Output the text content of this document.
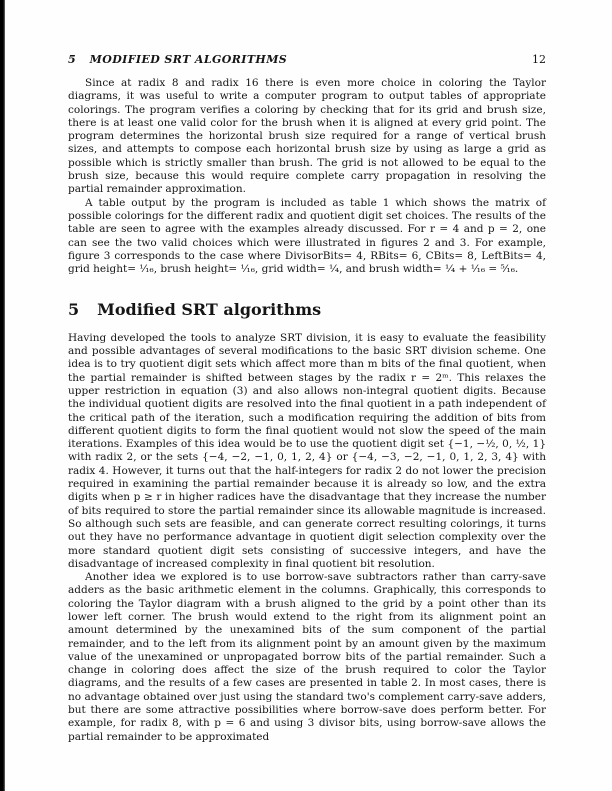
5 MODIFIED SRT ALGORITHMS	12

Since at radix 8 and radix 16 there is even more choice in coloring the Taylor diagrams, it was useful to write a computer program to output tables of appropriate colorings. The program verifies a coloring by checking that for its grid and brush size, there is at least one valid color for the brush when it is aligned at every grid point. The program determines the horizontal brush size required for a range of vertical brush sizes, and attempts to compose each horizontal brush size by using as large a grid as possible which is strictly smaller than brush. The grid is not allowed to be equal to the brush size, because this would require complete carry propagation in resolving the partial remainder approximation.

A table output by the program is included as table 1 which shows the matrix of possible colorings for the different radix and quotient digit set choices. The results of the table are seen to agree with the examples already discussed. For r = 4 and p = 2, one can see the two valid choices which were illustrated in figures 2 and 3. For example, figure 3 corresponds to the case where DivisorBits= 4, RBits= 6, CBits= 8, LeftBits= 4, grid height= ¹⁄₁₆, brush height= ¹⁄₁₆, grid width= ¹⁄₄, and brush width= ¹⁄₄ + ¹⁄₁₆ = ⁵⁄₁₆.

5 Modified SRT algorithms

Having developed the tools to analyze SRT division, it is easy to evaluate the feasibility and possible advantages of several modifications to the basic SRT division scheme. One idea is to try quotient digit sets which affect more than m bits of the final quotient, when the partial remainder is shifted between stages by the radix r = 2ᵐ. This relaxes the upper restriction in equation (3) and also allows non-integral quotient digits. Because the individual quotient digits are resolved into the final quotient in a path independent of the critical path of the iteration, such a modification requiring the addition of bits from different quotient digits to form the final quotient would not slow the speed of the main iterations. Examples of this idea would be to use the quotient digit set {−1, −½, 0, ½, 1} with radix 2, or the sets {−4, −2, −1, 0, 1, 2, 4} or {−4, −3, −2, −1, 0, 1, 2, 3, 4} with radix 4. However, it turns out that the half-integers for radix 2 do not lower the precision required in examining the partial remainder because it is already so low, and the extra digits when p ≥ r in higher radices have the disadvantage that they increase the number of bits required to store the partial remainder since its allowable magnitude is increased. So although such sets are feasible, and can generate correct resulting colorings, it turns out they have no performance advantage in quotient digit selection complexity over the more standard quotient digit sets consisting of successive integers, and have the disadvantage of increased complexity in final quotient bit resolution.

Another idea we explored is to use borrow-save subtractors rather than carry-save adders as the basic arithmetic element in the columns. Graphically, this corresponds to coloring the Taylor diagram with a brush aligned to the grid by a point other than its lower left corner. The brush would extend to the right from its alignment point an amount determined by the unexamined bits of the sum component of the partial remainder, and to the left from its alignment point by an amount given by the maximum value of the unexamined or unpropagated borrow bits of the partial remainder. Such a change in coloring does affect the size of the brush required to color the Taylor diagrams, and the results of a few cases are presented in table 2. In most cases, there is no advantage obtained over just using the standard two's complement carry-save adders, but there are some attractive possibilities where borrow-save does perform better. For example, for radix 8, with p = 6 and using 3 divisor bits, using borrow-save allows the partial remainder to be approximated
